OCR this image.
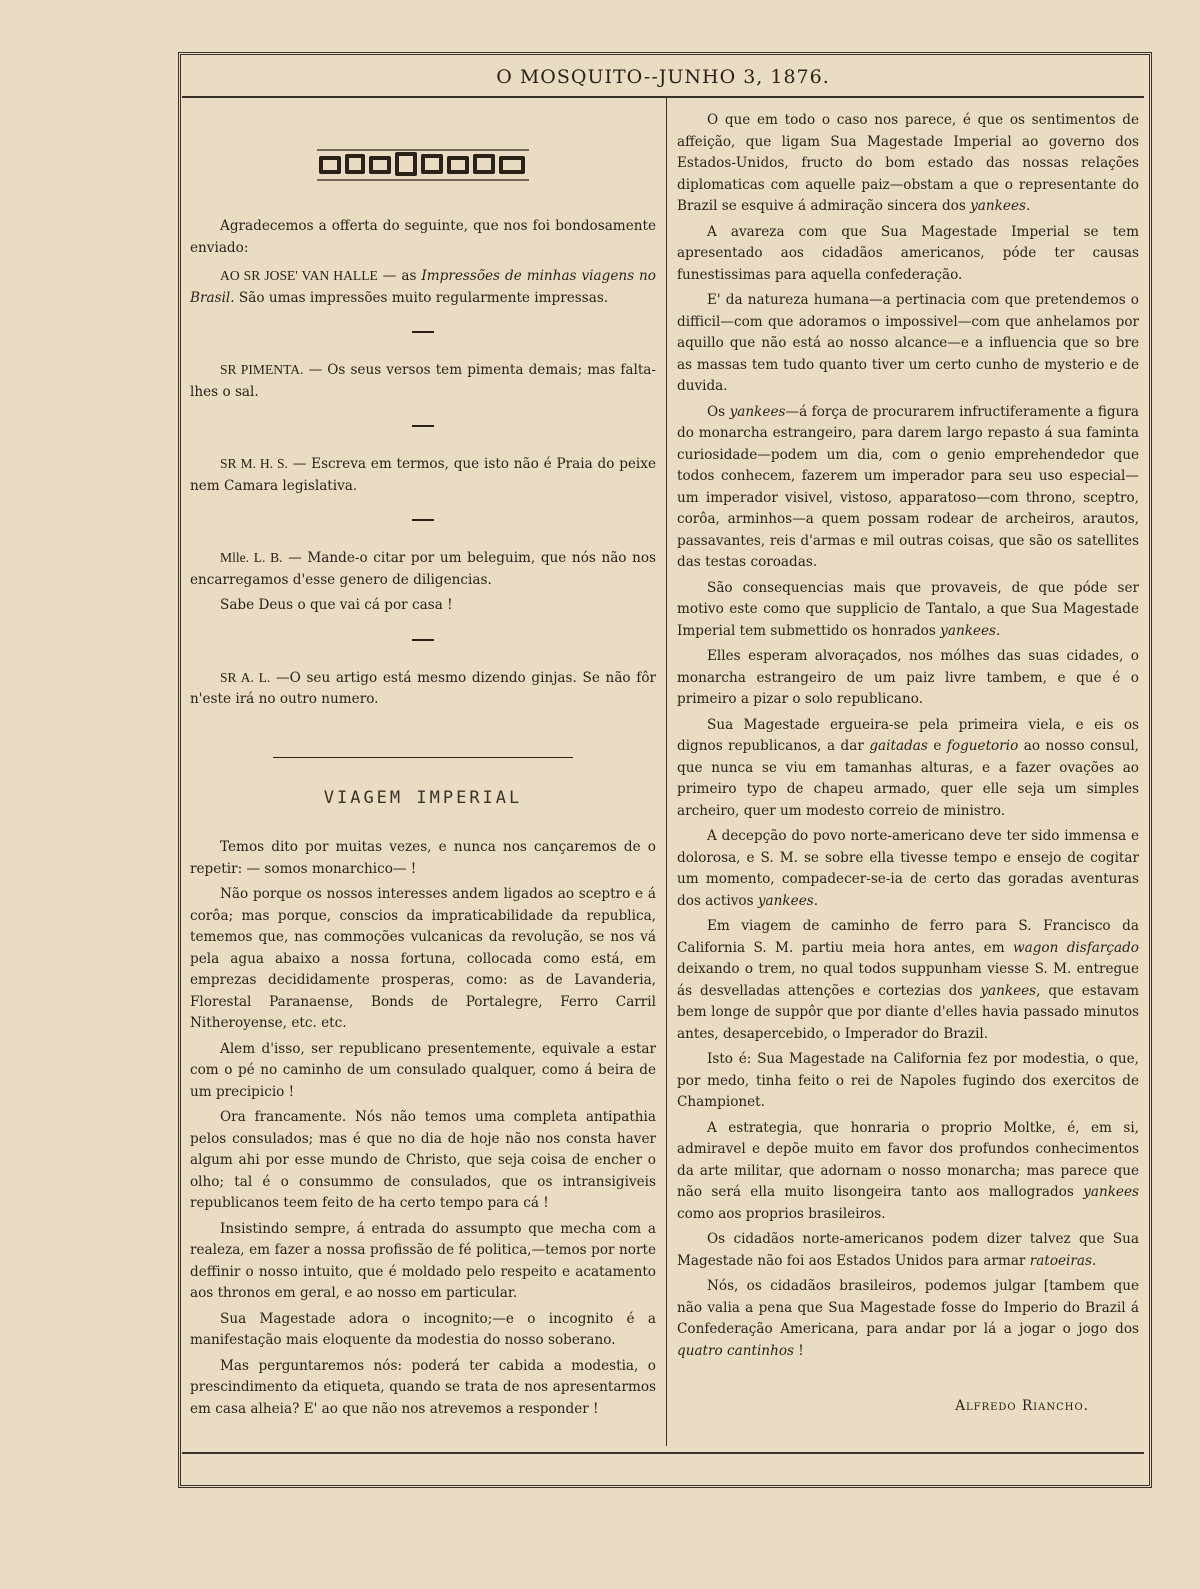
O MOSQUITO--JUNHO 3, 1876.

Agradecemos a offerta do seguinte, que nos foi bondosamente enviado:

AO SR JOSE' VAN HALLE — as Impressões de minhas viagens no Brasil. São umas impressões muito regularmente impressas.

SR PIMENTA. — Os seus versos tem pimenta demais; mas falta-lhes o sal.

SR M. H. S. — Escreva em termos, que isto não é Praia do peixe nem Camara legislativa.

Mlle. L. B. — Mande-o citar por um beleguim, que nós não nos encarregamos d'esse genero de diligencias.

Sabe Deus o que vai cá por casa !

SR A. L. —O seu artigo está mesmo dizendo ginjas. Se não fôr n'este irá no outro numero.

VIAGEM IMPERIAL

Temos dito por muitas vezes, e nunca nos cançaremos de o repetir: — somos monarchico— !

Não porque os nossos interesses andem ligados ao sceptro e á corôa; mas porque, conscios da impraticabilidade da republica, tememos que, nas commoções vulcanicas da revolução, se nos vá pela agua abaixo a nossa fortuna, collocada como está, em emprezas decididamente prosperas, como: as de Lavanderia, Florestal Paranaense, Bonds de Portalegre, Ferro Carril Nitheroyense, etc. etc.

Alem d'isso, ser republicano presentemente, equivale a estar com o pé no caminho de um consulado qualquer, como á beira de um precipicio !

Ora francamente. Nós não temos uma completa antipathia pelos consulados; mas é que no dia de hoje não nos consta haver algum ahi por esse mundo de Christo, que seja coisa de encher o olho; tal é o consummo de consulados, que os intransigiveis republicanos teem feito de ha certo tempo para cá !

Insistindo sempre, á entrada do assumpto que mecha com a realeza, em fazer a nossa profissão de fé politica,—temos por norte deffinir o nosso intuito, que é moldado pelo respeito e acatamento aos thronos em geral, e ao nosso em particular.

Sua Magestade adora o incognito;—e o incognito é a manifestação mais eloquente da modestia do nosso soberano.

Mas perguntaremos nós: poderá ter cabida a modestia, o prescindimento da etiqueta, quando se trata de nos apresentarmos em casa alheia? E' ao que não nos atrevemos a responder !

O que em todo o caso nos parece, é que os sentimentos de affeição, que ligam Sua Magestade Imperial ao governo dos Estados-Unidos, fructo do bom estado das nossas relações diplomaticas com aquelle paiz—obstam a que o representante do Brazil se esquive á admiração sincera dos yankees.

A avareza com que Sua Magestade Imperial se tem apresentado aos cidadãos americanos, póde ter causas funestissimas para aquella confederação.

E' da natureza humana—a pertinacia com que pretendemos o difficil—com que adoramos o impossivel—com que anhelamos por aquillo que não está ao nosso alcance—e a influencia que so bre as massas tem tudo quanto tiver um certo cunho de mysterio e de duvida.

Os yankees—á força de procurarem infructiferamente a figura do monarcha estrangeiro, para darem largo repasto á sua faminta curiosidade—podem um dia, com o genio emprehendedor que todos conhecem, fazerem um imperador para seu uso especial—um imperador visivel, vistoso, apparatoso—com throno, sceptro, corôa, arminhos—a quem possam rodear de archeiros, arautos, passavantes, reis d'armas e mil outras coisas, que são os satellites das testas coroadas.

São consequencias mais que provaveis, de que póde ser motivo este como que supplicio de Tantalo, a que Sua Magestade Imperial tem submettido os honrados yankees.

Elles esperam alvoraçados, nos mólhes das suas cidades, o monarcha estrangeiro de um paiz livre tambem, e que é o primeiro a pizar o solo republicano.

Sua Magestade ergueira-se pela primeira viela, e eis os dignos republicanos, a dar gaitadas e foguetorio ao nosso consul, que nunca se viu em tamanhas alturas, e a fazer ovações ao primeiro typo de chapeu armado, quer elle seja um simples archeiro, quer um modesto correio de ministro.

A decepção do povo norte-americano deve ter sido immensa e dolorosa, e S. M. se sobre ella tivesse tempo e ensejo de cogitar um momento, compadecer-se-ia de certo das goradas aventuras dos activos yankees.

Em viagem de caminho de ferro para S. Francisco da California S. M. partiu meia hora antes, em wagon disfarçado deixando o trem, no qual todos suppunham viesse S. M. entregue ás desvelladas attenções e cortezias dos yankees, que estavam bem longe de suppôr que por diante d'elles havia passado minutos antes, desapercebido, o Imperador do Brazil.

Isto é: Sua Magestade na California fez por modestia, o que, por medo, tinha feito o rei de Napoles fugindo dos exercitos de Championet.

A estrategia, que honraria o proprio Moltke, é, em si, admiravel e depõe muito em favor dos profundos conhecimentos da arte militar, que adornam o nosso monarcha; mas parece que não será ella muito lisongeira tanto aos mallogrados yankees como aos proprios brasileiros.

Os cidadãos norte-americanos podem dizer talvez que Sua Magestade não foi aos Estados Unidos para armar ratoeiras.

Nós, os cidadãos brasileiros, podemos julgar [tambem que não valia a pena que Sua Magestade fosse do Imperio do Brazil á Confederação Americana, para andar por lá a jogar o jogo dos quatro cantinhos !

Alfredo Riancho.
